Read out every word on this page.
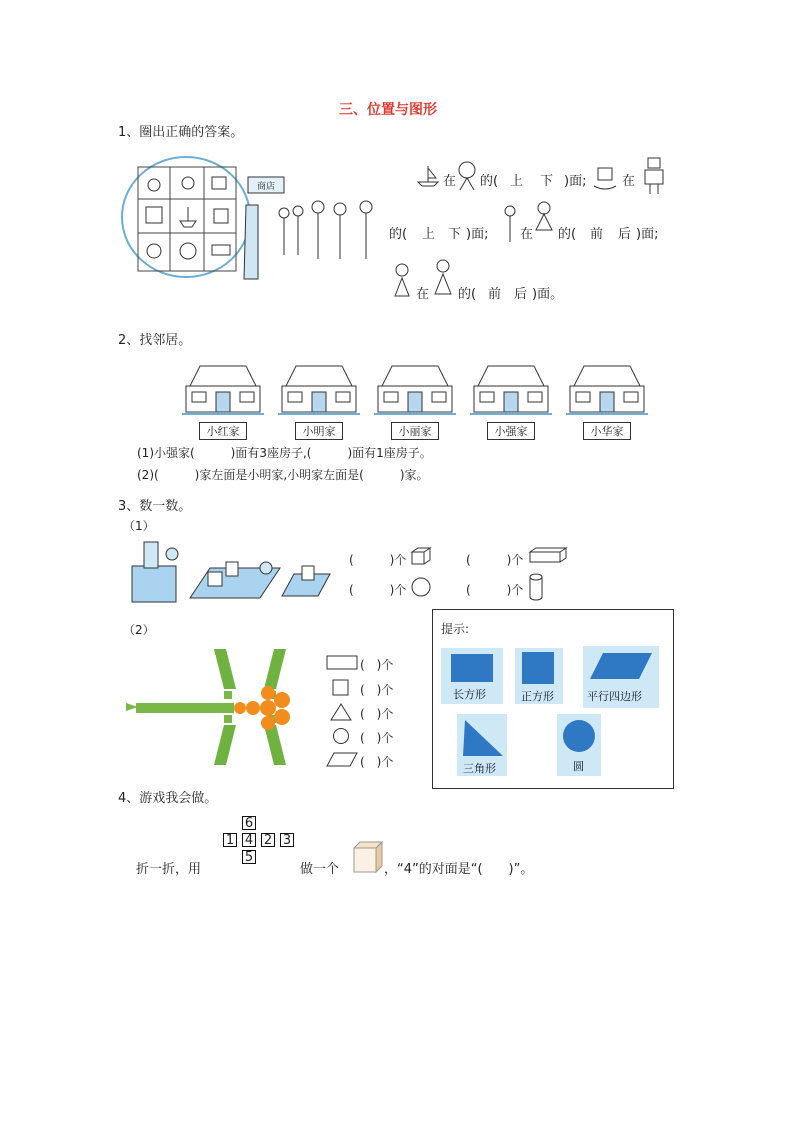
三、位置与图形
1、圈出正确的答案。
商店	在 的( 上 下 )面;	在
的( 上 下 )面; 在 的( 前 后 )面;
在 的( 前 后 )面。
2、找邻居。
小红家	小明家	小丽家	小强家	小华家
(1)小强家(　　　)面有3座房子,(　　　)面有1座房子。
(2)(　　　)家左面是小明家,小明家左面是(　　　)家。
3、数一数。
（1）
(　　　)个	(　　　)个
(　　　)个	(　　　)个
（2）
(　)个
(　)个
(　)个
(　)个
(　)个
提示:
长方形	正方形	平行四边形
三角形	圆
4、游戏我会做。
6
1 4 2 3
5
折一折，用	做一个	，“4”的对面是“(　　)”。
